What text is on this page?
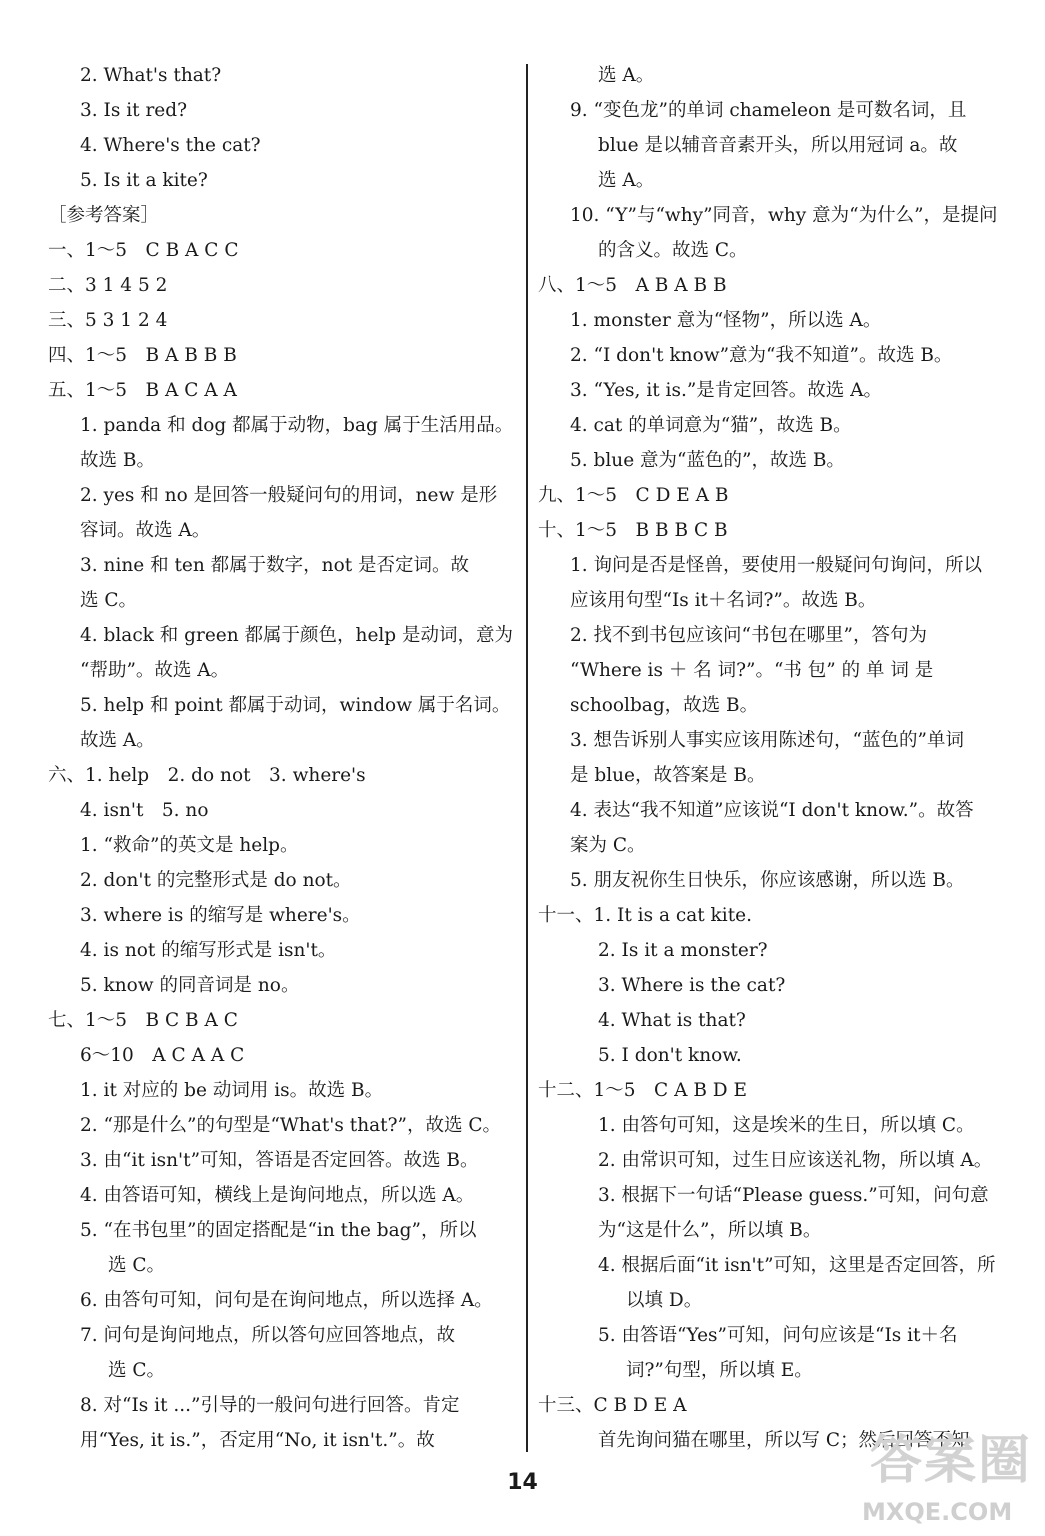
2. What's that?
3. Is it red?
4. Where's the cat?
5. Is it a kite?
［参考答案］
一、1～5　C B A C C
二、3 1 4 5 2
三、5 3 1 2 4
四、1～5　B A B B B
五、1～5　B A C A A
1. panda 和 dog 都属于动物，bag 属于生活用品。
故选 B。
2. yes 和 no 是回答一般疑问句的用词，new 是形
容词。故选 A。
3. nine 和 ten 都属于数字，not 是否定词。故
选 C。
4. black 和 green 都属于颜色，help 是动词，意为
“帮助”。故选 A。
5. help 和 point 都属于动词，window 属于名词。
故选 A。
六、1. help　2. do not　3. where's
4. isn't　5. no
1. “救命”的英文是 help。
2. don't 的完整形式是 do not。
3. where is 的缩写是 where's。
4. is not 的缩写形式是 isn't。
5. know 的同音词是 no。
七、1～5　B C B A C
6～10　A C A A C
1. it 对应的 be 动词用 is。故选 B。
2. “那是什么”的句型是“What's that?”，故选 C。
3. 由“it isn't”可知，答语是否定回答。故选 B。
4. 由答语可知，横线上是询问地点，所以选 A。
5. “在书包里”的固定搭配是“in the bag”，所以
选 C。
6. 由答句可知，问句是在询问地点，所以选择 A。
7. 问句是询问地点，所以答句应回答地点，故
选 C。
8. 对“Is it ...”引导的一般问句进行回答。肯定
用“Yes, it is.”，否定用“No, it isn't.”。故
选 A。
9. “变色龙”的单词 chameleon 是可数名词，且
blue 是以辅音音素开头，所以用冠词 a。故
选 A。
10. “Y”与“why”同音，why 意为“为什么”，是提问
的含义。故选 C。
八、1～5　A B A B B
1. monster 意为“怪物”，所以选 A。
2. “I don't know”意为“我不知道”。故选 B。
3. “Yes, it is.”是肯定回答。故选 A。
4. cat 的单词意为“猫”，故选 B。
5. blue 意为“蓝色的”，故选 B。
九、1～5　C D E A B
十、1～5　B B B C B
1. 询问是否是怪兽，要使用一般疑问句询问，所以
应该用句型“Is it＋名词?”。故选 B。
2. 找不到书包应该问“书包在哪里”，答句为
“Where is ＋ 名 词?”。“书 包” 的 单 词 是
schoolbag，故选 B。
3. 想告诉别人事实应该用陈述句，“蓝色的”单词
是 blue，故答案是 B。
4. 表达“我不知道”应该说“I don't know.”。故答
案为 C。
5. 朋友祝你生日快乐，你应该感谢，所以选 B。
十一、1. It is a cat kite.
2. Is it a monster?
3. Where is the cat?
4. What is that?
5. I don't know.
十二、1～5　C A B D E
1. 由答句可知，这是埃米的生日，所以填 C。
2. 由常识可知，过生日应该送礼物，所以填 A。
3. 根据下一句话“Please guess.”可知，问句意
为“这是什么”，所以填 B。
4. 根据后面“it isn't”可知，这里是否定回答，所
以填 D。
5. 由答语“Yes”可知，问句应该是“Is it＋名
词?”句型，所以填 E。
十三、C B D E A
首先询问猫在哪里，所以写 C；然后回答不知
14	答案圈
MXQE.COM
